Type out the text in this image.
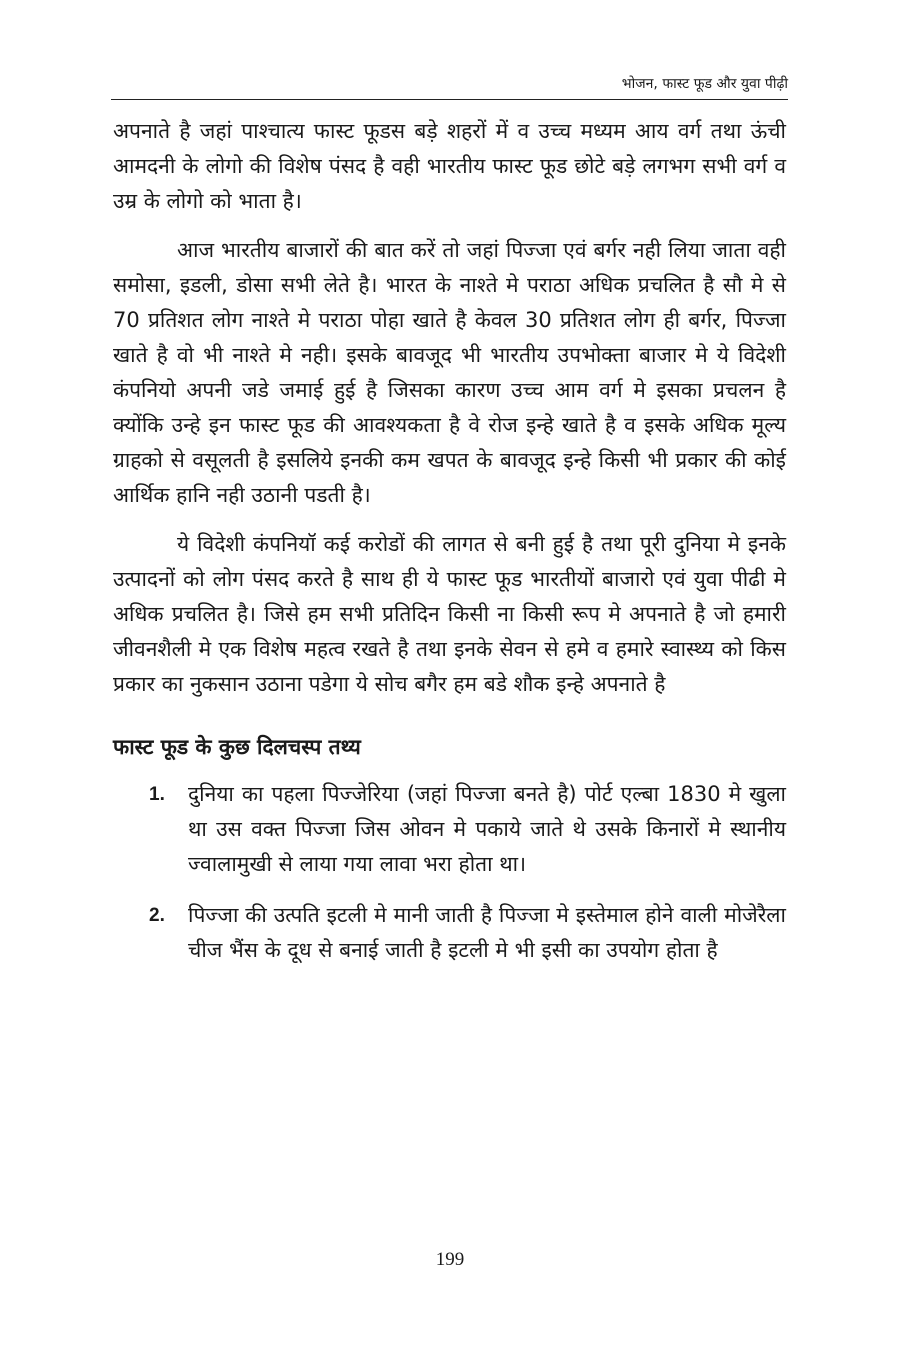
भोजन, फास्ट फूड और युवा पीढ़ी

अपनाते है जहां पाश्चात्य फास्ट फूडस बड़े शहरों में व उच्च मध्यम आय वर्ग तथा ऊंची आमदनी के लोगो की विशेष पंसद है वही भारतीय फास्ट फूड छोटे बड़े लगभग सभी वर्ग व उम्र के लोगो को भाता है।

आज भारतीय बाजारों की बात करें तो जहां पिज्जा एवं बर्गर नही लिया जाता वही समोसा, इडली, डोसा सभी लेते है। भारत के नाश्ते मे पराठा अधिक प्रचलित है सौ मे से 70 प्रतिशत लोग नाश्ते मे पराठा पोहा खाते है केवल 30 प्रतिशत लोग ही बर्गर, पिज्जा खाते है वो भी नाश्ते मे नही। इसके बावजूद भी भारतीय उपभोक्ता बाजार मे ये विदेशी कंपनियो अपनी जडे जमाई हुई है जिसका कारण उच्च आम वर्ग मे इसका प्रचलन है क्योंकि उन्हे इन फास्ट फूड की आवश्यकता है वे रोज इन्हे खाते है व इसके अधिक मूल्य ग्राहको से वसूलती है इसलिये इनकी कम खपत के बावजूद इन्हे किसी भी प्रकार की कोई आर्थिक हानि नही उठानी पडती है।

ये विदेशी कंपनियॉ कई करोडों की लागत से बनी हुई है तथा पूरी दुनिया मे इनके उत्पादनों को लोग पंसद करते है साथ ही ये फास्ट फूड भारतीयों बाजारो एवं युवा पीढी मे अधिक प्रचलित है। जिसे हम सभी प्रतिदिन किसी ना किसी रूप मे अपनाते है जो हमारी जीवनशैली मे एक विशेष महत्व रखते है तथा इनके सेवन से हमे व हमारे स्वास्थ्य को किस प्रकार का नुकसान उठाना पडेगा ये सोच बगैर हम बडे शौक इन्हे अपनाते है

फास्ट फूड के कुछ दिलचस्प तथ्य
1. दुनिया का पहला पिज्जेरिया (जहां पिज्जा बनते है) पोर्ट एल्बा 1830 मे खुला था उस वक्त पिज्जा जिस ओवन मे पकाये जाते थे उसके किनारों मे स्थानीय ज्वालामुखी से लाया गया लावा भरा होता था।
2. पिज्जा की उत्पति इटली मे मानी जाती है पिज्जा मे इस्तेमाल होने वाली मोजेरैला चीज भैंस के दूध से बनाई जाती है इटली मे भी इसी का उपयोग होता है
199
